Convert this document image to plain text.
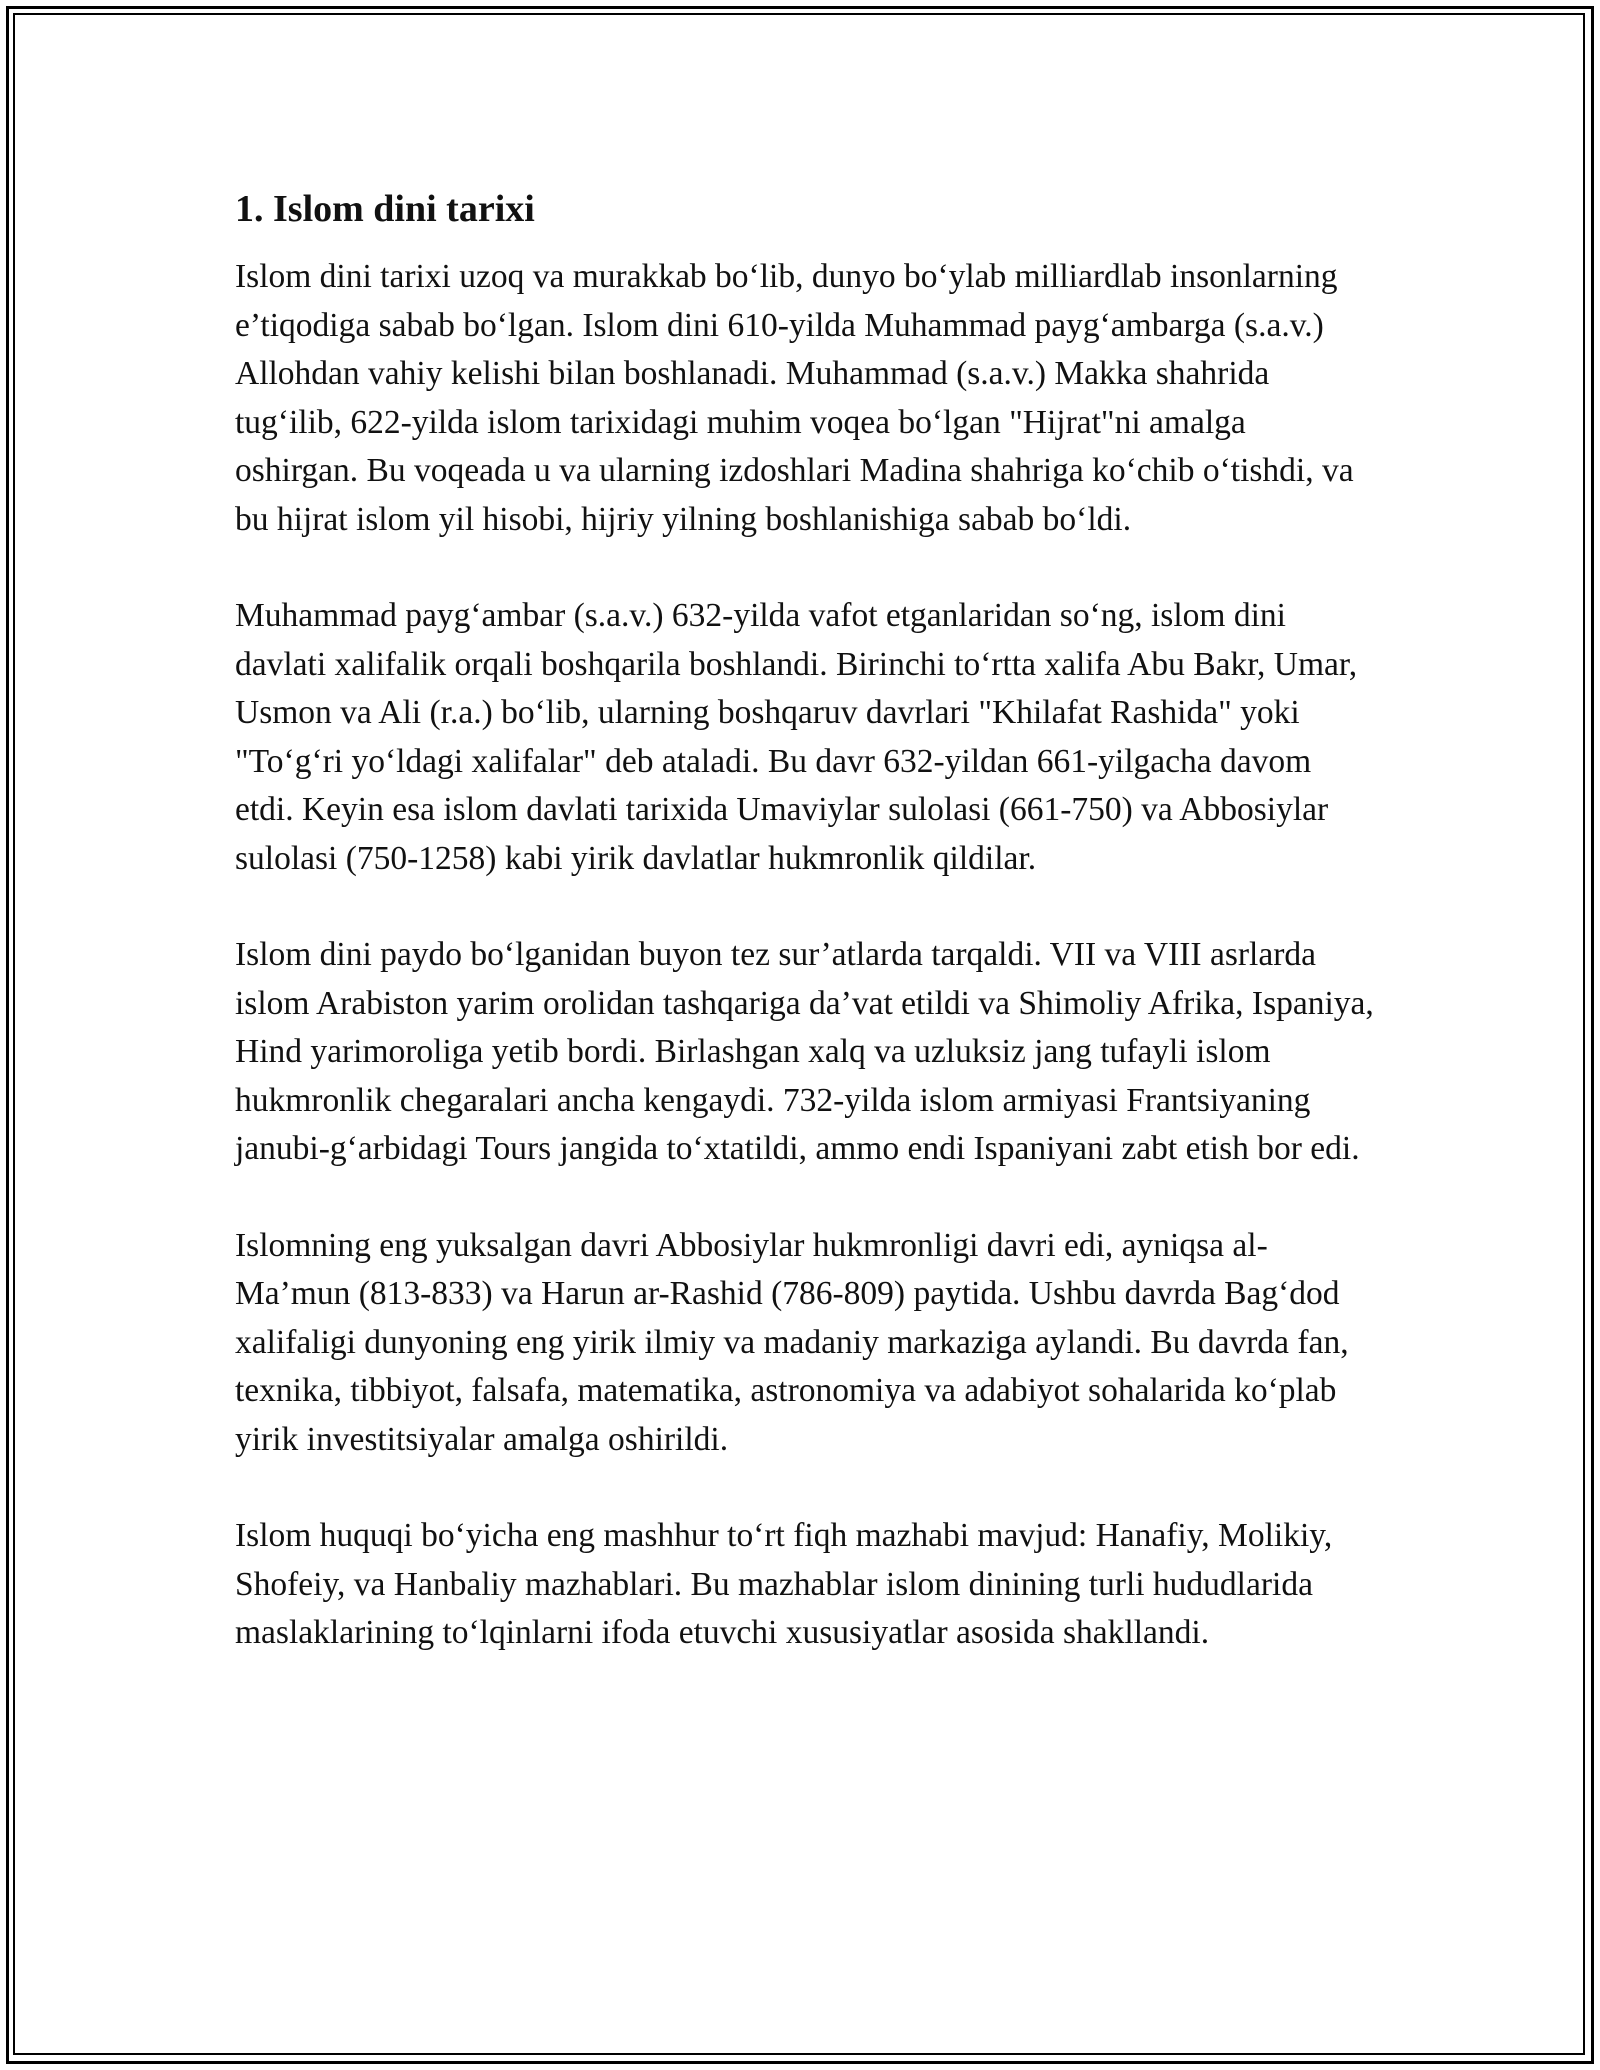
1. Islom dini tarixi

Islom dini tarixi uzoq va murakkab bo‘lib, dunyo bo‘ylab milliardlab insonlarning e’tiqodiga sabab bo‘lgan. Islom dini 610-yilda Muhammad payg‘ambarga (s.a.v.) Allohdan vahiy kelishi bilan boshlanadi. Muhammad (s.a.v.) Makka shahrida tug‘ilib, 622-yilda islom tarixidagi muhim voqea bo‘lgan "Hijrat"ni amalga oshirgan. Bu voqeada u va ularning izdoshlari Madina shahriga ko‘chib o‘tishdi, va bu hijrat islom yil hisobi, hijriy yilning boshlanishiga sabab bo‘ldi.

Muhammad payg‘ambar (s.a.v.) 632-yilda vafot etganlaridan so‘ng, islom dini davlati xalifalik orqali boshqarila boshlandi. Birinchi to‘rtta xalifa Abu Bakr, Umar, Usmon va Ali (r.a.) bo‘lib, ularning boshqaruv davrlari "Khilafat Rashida" yoki "To‘g‘ri yo‘ldagi xalifalar" deb ataladi. Bu davr 632-yildan 661-yilgacha davom etdi. Keyin esa islom davlati tarixida Umaviylar sulolasi (661-750) va Abbosiylar sulolasi (750-1258) kabi yirik davlatlar hukmronlik qildilar.

Islom dini paydo bo‘lganidan buyon tez sur’atlarda tarqaldi. VII va VIII asrlarda islom Arabiston yarim orolidan tashqariga da’vat etildi va Shimoliy Afrika, Ispaniya, Hind yarimoroliga yetib bordi. Birlashgan xalq va uzluksiz jang tufayli islom hukmronlik chegaralari ancha kengaydi. 732-yilda islom armiyasi Frantsiyaning janubi-g‘arbidagi Tours jangida to‘xtatildi, ammo endi Ispaniyani zabt etish bor edi.

Islomning eng yuksalgan davri Abbosiylar hukmronligi davri edi, ayniqsa al-Ma’mun (813-833) va Harun ar-Rashid (786-809) paytida. Ushbu davrda Bag‘dod xalifaligi dunyoning eng yirik ilmiy va madaniy markaziga aylandi. Bu davrda fan, texnika, tibbiyot, falsafa, matematika, astronomiya va adabiyot sohalarida ko‘plab yirik investitsiyalar amalga oshirildi.

Islom huquqi bo‘yicha eng mashhur to‘rt fiqh mazhabi mavjud: Hanafiy, Molikiy, Shofeiy, va Hanbaliy mazhablari. Bu mazhablar islom dinining turli hududlarida maslaklarining to‘lqinlarni ifoda etuvchi xususiyatlar asosida shakllandi.
